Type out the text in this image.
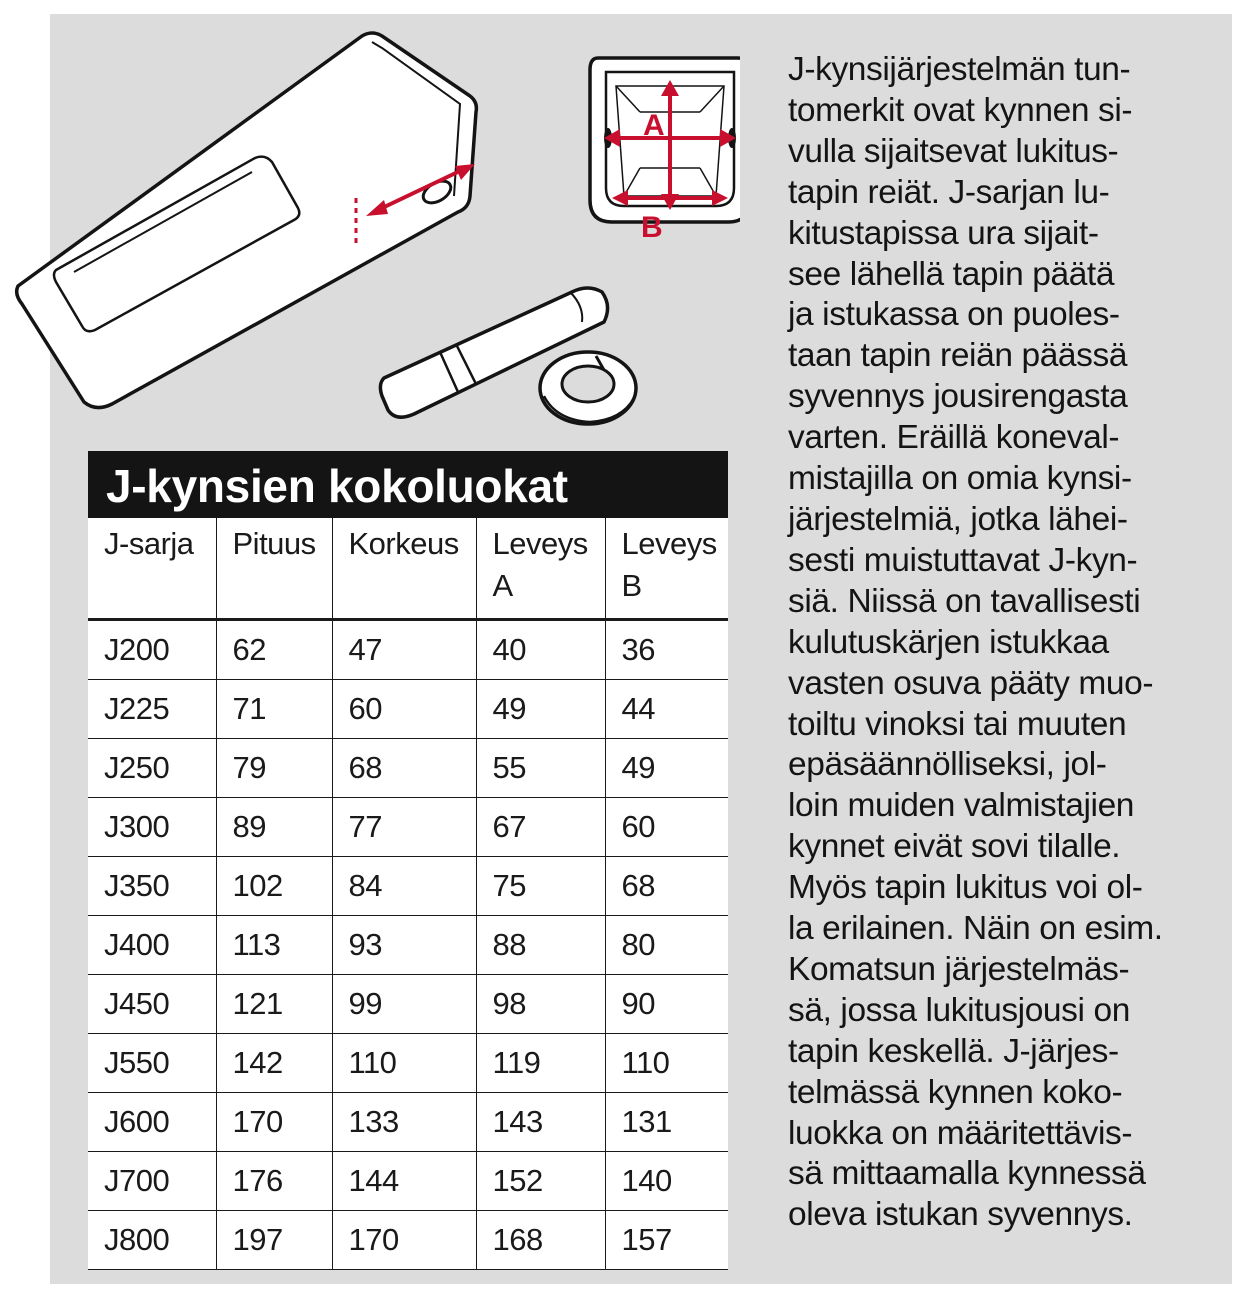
A
B
J-kynsien kokoluokat
J-sarja	Pituus	Korkeus	Leveys A	Leveys B
J200	62	47	40	36
J225	71	60	49	44
J250	79	68	55	49
J300	89	77	67	60
J350	102	84	75	68
J400	113	93	88	80
J450	121	99	98	90
J550	142	110	119	110
J600	170	133	143	131
J700	176	144	152	140
J800	197	170	168	157
J-kynsijärjestelmän tun-
tomerkit ovat kynnen si-
vulla sijaitsevat lukitus-
tapin reiät. J-sarjan lu-
kitustapissa ura sijait-
see lähellä tapin päätä
ja istukassa on puoles-
taan tapin reiän päässä
syvennys jousirengasta
varten. Eräillä koneval-
mistajilla on omia kynsi-
järjestelmiä, jotka lähei-
sesti muistuttavat J-kyn-
siä. Niissä on tavallisesti
kulutuskärjen istukkaa
vasten osuva pääty muo-
toiltu vinoksi tai muuten
epäsäännölliseksi, jol-
loin muiden valmistajien
kynnet eivät sovi tilalle.
Myös tapin lukitus voi ol-
la erilainen. Näin on esim.
Komatsun järjestelmäs-
sä, jossa lukitusjousi on
tapin keskellä. J-järjes-
telmässä kynnen koko-
luokka on määritettävis-
sä mittaamalla kynnessä
oleva istukan syvennys.
